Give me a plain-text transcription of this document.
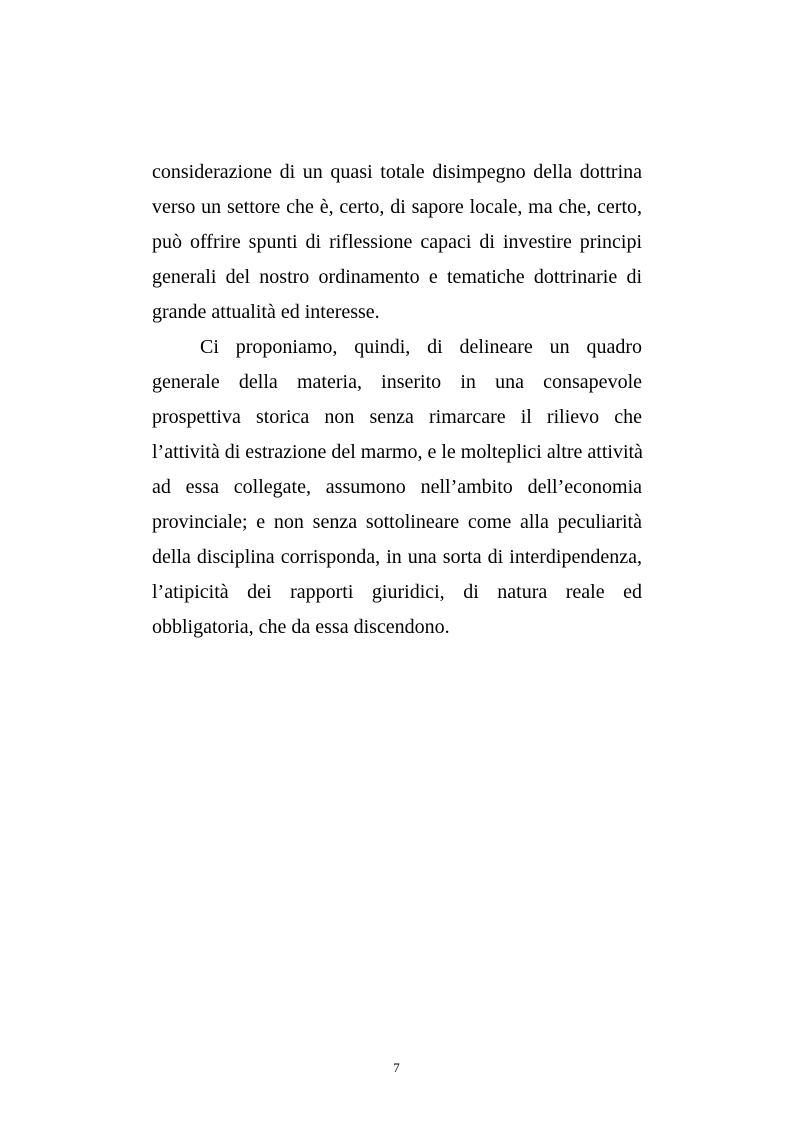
considerazione di un quasi totale disimpegno della dottrina
verso un settore che è, certo, di sapore locale, ma che, certo,
può offrire spunti di riflessione capaci di investire principi
generali del nostro ordinamento e tematiche dottrinarie di
grande attualità ed interesse.
Ci proponiamo, quindi, di delineare un quadro
generale della materia, inserito in una consapevole
prospettiva storica non senza rimarcare il rilievo che
l’attività di estrazione del marmo, e le molteplici altre attività
ad essa collegate, assumono nell’ambito dell’economia
provinciale; e non senza sottolineare come alla peculiarità
della disciplina corrisponda, in una sorta di interdipendenza,
l’atipicità dei rapporti giuridici, di natura reale ed
obbligatoria, che da essa discendono.
7
